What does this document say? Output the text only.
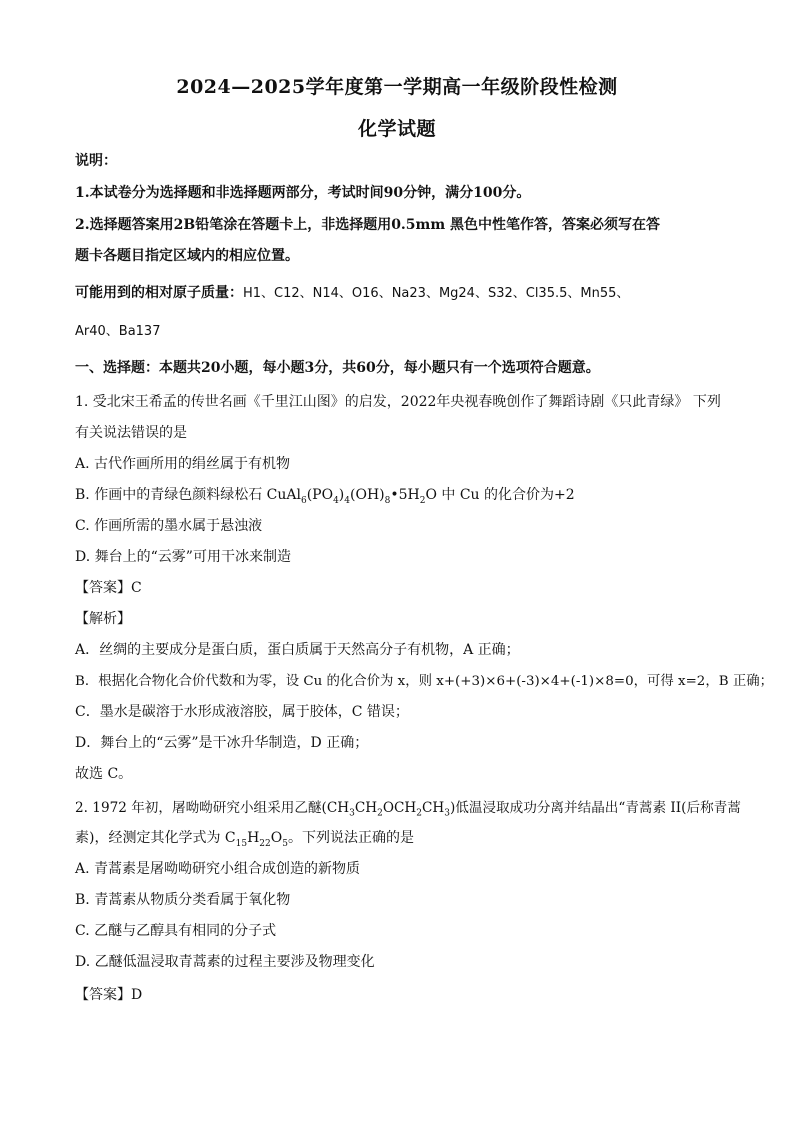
2024—2025学年度第一学期高一年级阶段性检测
化学试题
说明：
1.本试卷分为选择题和非选择题两部分，考试时间90分钟，满分100分。
2.选择题答案用2B铅笔涂在答题卡上，非选择题用0.5mm 黑色中性笔作答，答案必须写在答
题卡各题目指定区域内的相应位置。
可能用到的相对原子质量：H1、C12、N14、O16、Na23、Mg24、S32、Cl35.5、Mn55、
Ar40、Ba137
一、选择题：本题共20小题，每小题3分，共60分，每小题只有一个选项符合题意。
1. 受北宋王希孟的传世名画《千里江山图》的启发，2022年央视春晚创作了舞蹈诗剧《只此青绿》 下列
有关说法错误的是
A. 古代作画所用的绢丝属于有机物
B. 作画中的青绿色颜料绿松石 $CuAl_6(PO_4)_4(OH)_8•5H_2O$ 中 Cu 的化合价为+2
C. 作画所需的墨水属于悬浊液
D. 舞台上的“云雾”可用干冰来制造
【答案】C
【解析】
A．丝绸的主要成分是蛋白质，蛋白质属于天然高分子有机物，A 正确；
B．根据化合物化合价代数和为零，设 Cu 的化合价为 x，则 x+(+3)×6+(-3)×4+(-1)×8=0，可得 x=2，B 正确；
C．墨水是碳溶于水形成液溶胶，属于胶体，C 错误；
D．舞台上的“云雾”是干冰升华制造，D 正确；
故选 C。
2. 1972 年初，屠呦呦研究小组采用乙醚$(CH_3CH_2OCH_2CH_3)$低温浸取成功分离并结晶出“青蒿素 II(后称青蒿
素)，经测定其化学式为 $C_{15}H_{22}O_5$。下列说法正确的是
A. 青蒿素是屠呦呦研究小组合成创造的新物质
B. 青蒿素从物质分类看属于氧化物
C. 乙醚与乙醇具有相同的分子式
D. 乙醚低温浸取青蒿素的过程主要涉及物理变化
【答案】D
